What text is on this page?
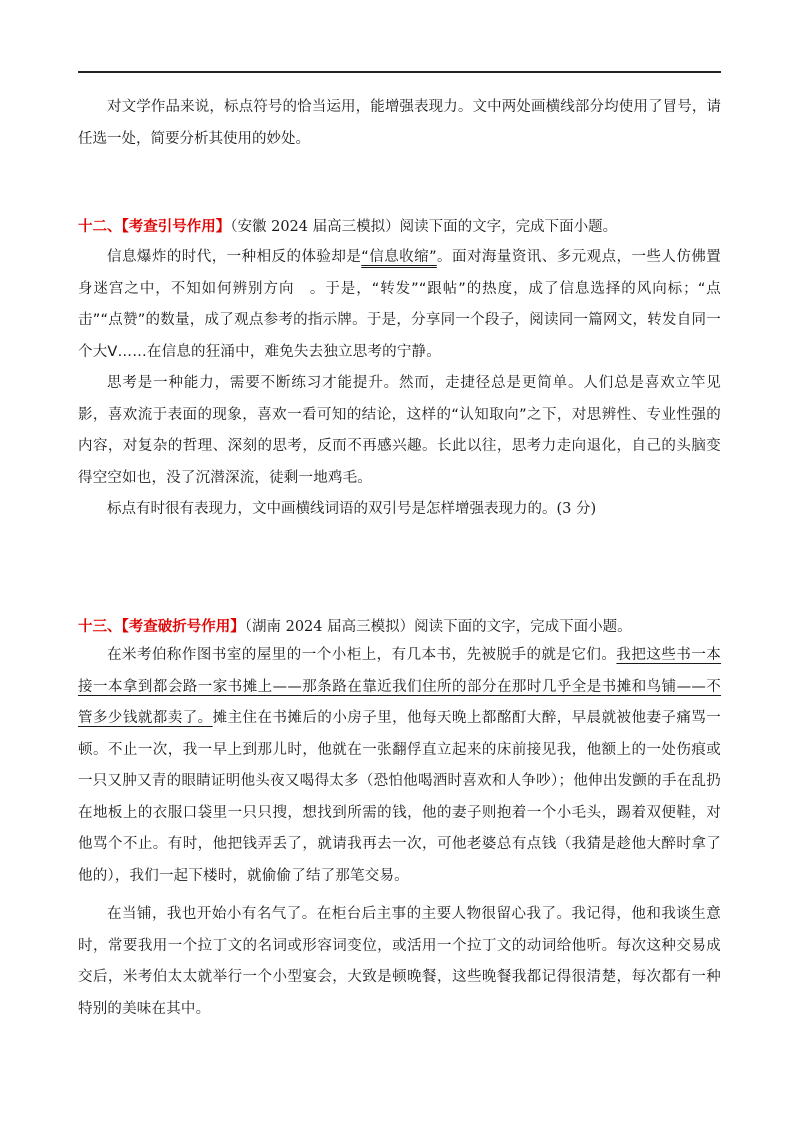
对文学作品来说，标点符号的恰当运用，能增强表现力。文中两处画横线部分均使用了冒号，请任选一处，简要分析其使用的妙处。

十二、【考查引号作用】（安徽 2024 届高三模拟）阅读下面的文字，完成下面小题。

信息爆炸的时代，一种相反的体验却是“信息收缩”。面对海量资讯、多元观点，一些人仿佛置身迷宫之中，不知如何辨别方向　。于是，“转发”“跟帖”的热度，成了信息选择的风向标；“点击”“点赞”的数量，成了观点参考的指示牌。于是，分享同一个段子，阅读同一篇网文，转发自同一个大V……在信息的狂涌中，难免失去独立思考的宁静。

思考是一种能力，需要不断练习才能提升。然而，走捷径总是更简单。人们总是喜欢立竿见影，喜欢流于表面的现象，喜欢一看可知的结论，这样的“认知取向”之下，对思辨性、专业性强的内容，对复杂的哲理、深刻的思考，反而不再感兴趣。长此以往，思考力走向退化，自己的头脑变得空空如也，没了沉潜深流，徒剩一地鸡毛。

标点有时很有表现力，文中画横线词语的双引号是怎样增强表现力的。(3 分)

十三、【考查破折号作用】（湖南 2024 届高三模拟）阅读下面的文字，完成下面小题。

在米考伯称作图书室的屋里的一个小柜上，有几本书，先被脱手的就是它们。我把这些书一本接一本拿到都会路一家书摊上——那条路在靠近我们住所的部分在那时几乎全是书摊和鸟铺——不管多少钱就都卖了。摊主住在书摊后的小房子里，他每天晚上都酩酊大醉，早晨就被他妻子痛骂一顿。不止一次，我一早上到那儿时，他就在一张翻俘直立起来的床前接见我，他额上的一处伤痕或一只又肿又青的眼睛证明他头夜又喝得太多（恐怕他喝酒时喜欢和人争吵）；他伸出发颤的手在乱扔在地板上的衣服口袋里一只只搜，想找到所需的钱，他的妻子则抱着一个小毛头，踢着双便鞋，对他骂个不止。有时，他把钱弄丢了，就请我再去一次，可他老婆总有点钱（我猜是趁他大醉时拿了他的），我们一起下楼时，就偷偷了结了那笔交易。

在当铺，我也开始小有名气了。在柜台后主事的主要人物很留心我了。我记得，他和我谈生意时，常要我用一个拉丁文的名词或形容词变位，或活用一个拉丁文的动词给他听。每次这种交易成交后，米考伯太太就举行一个小型宴会，大致是顿晚餐，这些晚餐我都记得很清楚，每次都有一种特别的美味在其中。
